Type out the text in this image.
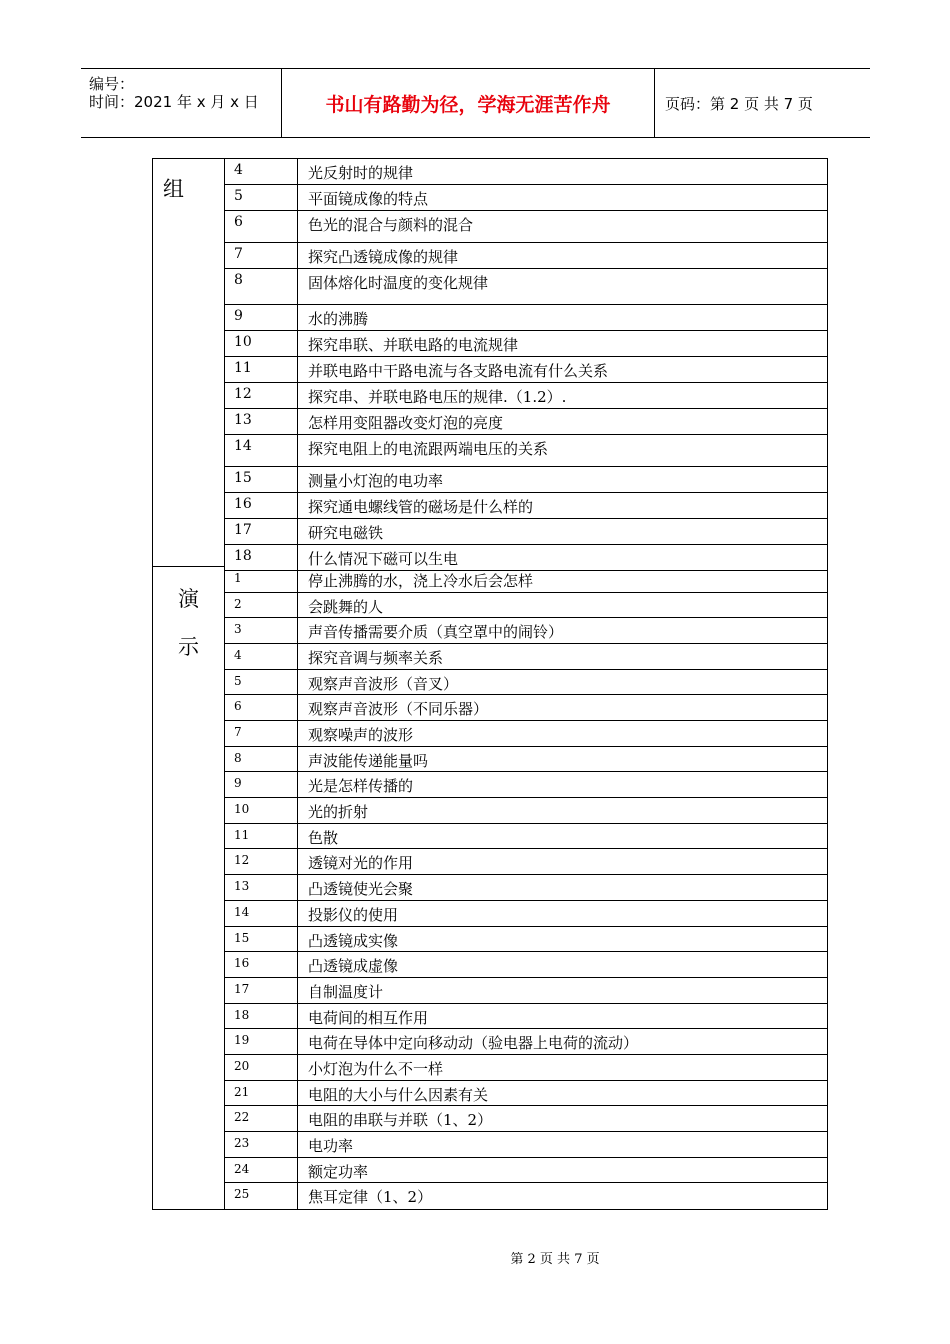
编号：
时间：2021 年 x 月 x 日	书山有路勤为径，学海无涯苦作舟	页码：第 2 页 共 7 页
组
演
示
4	光反射时的规律
5	平面镜成像的特点
6	色光的混合与颜料的混合
7	探究凸透镜成像的规律
8	固体熔化时温度的变化规律
9	水的沸腾
10	探究串联、并联电路的电流规律
11	并联电路中干路电流与各支路电流有什么关系
12	探究串、并联电路电压的规律.（1.2）.
13	怎样用变阻器改变灯泡的亮度
14	探究电阻上的电流跟两端电压的关系
15	测量小灯泡的电功率
16	探究通电螺线管的磁场是什么样的
17	研究电磁铁
18	什么情况下磁可以生电
1	停止沸腾的水，浇上冷水后会怎样
2	会跳舞的人
3	声音传播需要介质（真空罩中的闹铃）
4	探究音调与频率关系
5	观察声音波形（音叉）
6	观察声音波形（不同乐器）
7	观察噪声的波形
8	声波能传递能量吗
9	光是怎样传播的
10	光的折射
11	色散
12	透镜对光的作用
13	凸透镜使光会聚
14	投影仪的使用
15	凸透镜成实像
16	凸透镜成虚像
17	自制温度计
18	电荷间的相互作用
19	电荷在导体中定向移动动（验电器上电荷的流动）
20	小灯泡为什么不一样
21	电阻的大小与什么因素有关
22	电阻的串联与并联（1、2）
23	电功率
24	额定功率
25	焦耳定律（1、2）
第 2 页 共 7 页
